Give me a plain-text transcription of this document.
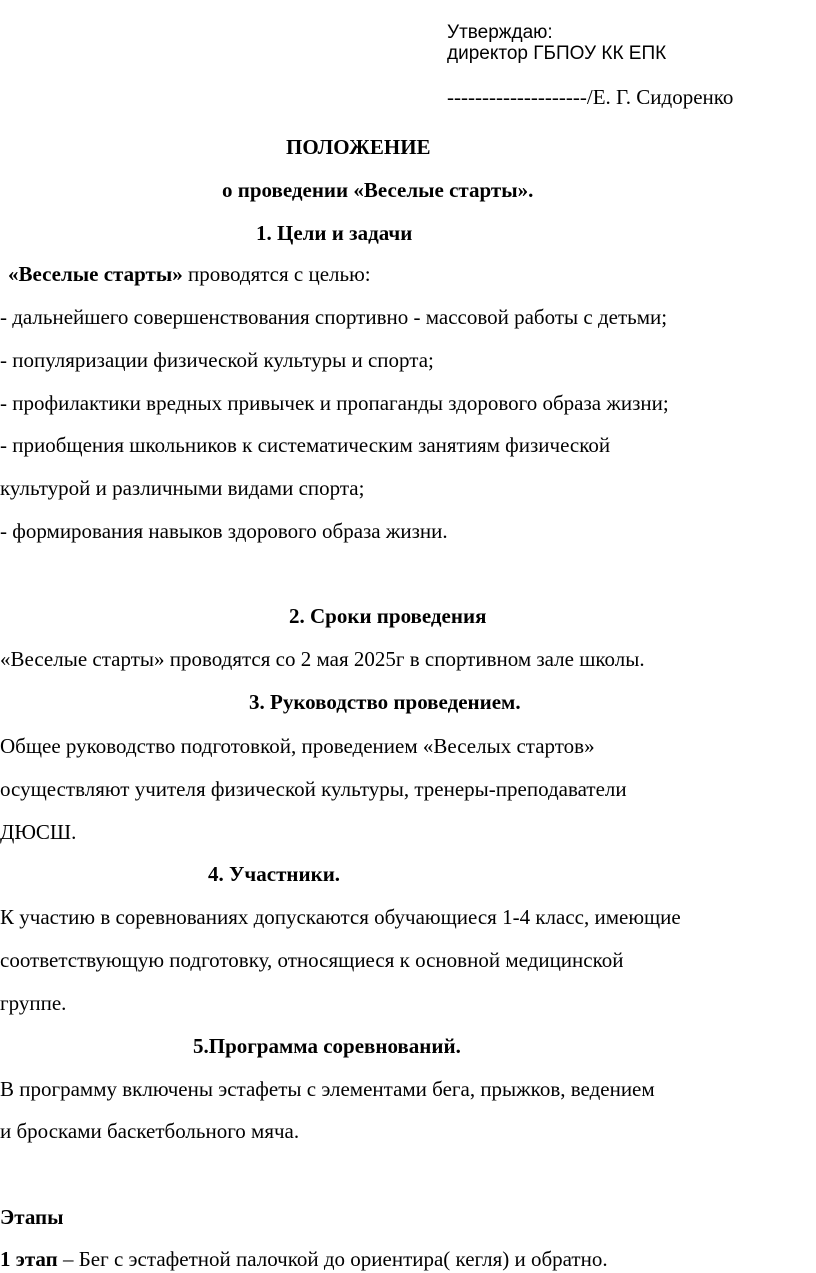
Утверждаю:
директор ГБПОУ КК ЕПК
--------------------/Е. Г. Сидоренко
ПОЛОЖЕНИЕ
о проведении «Веселые старты».
1. Цели и задачи
«Веселые старты» проводятся с целью:
- дальнейшего совершенствования спортивно - массовой работы с детьми;
- популяризации физической культуры и спорта;
- профилактики вредных привычек и пропаганды здорового образа жизни;
- приобщения школьников к систематическим занятиям физической
культурой и различными видами спорта;
- формирования навыков здорового образа жизни.
2. Сроки проведения
«Веселые старты» проводятся со 2 мая 2025г в спортивном зале школы.
3. Руководство проведением.
Общее руководство подготовкой, проведением «Веселых стартов»
осуществляют учителя физической культуры, тренеры-преподаватели
ДЮСШ.
4. Участники.
К участию в соревнованиях допускаются обучающиеся 1-4 класс, имеющие
соответствующую подготовку, относящиеся к основной медицинской
группе.
5.Программа соревнований.
В программу включены эстафеты с элементами бега, прыжков, ведением
и бросками баскетбольного мяча.
Этапы
1 этап – Бег с эстафетной палочкой до ориентира( кегля) и обратно.
